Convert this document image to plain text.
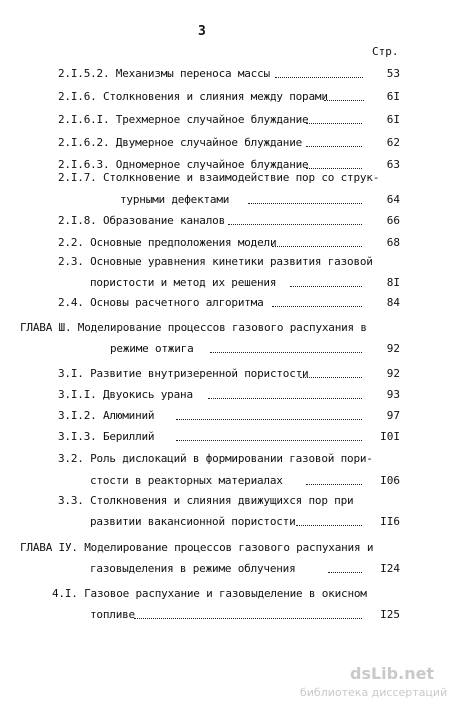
3
Стр.
2.I.5.2. Механизмы переноса массы	53
2.I.6. Столкновения и слияния между порами	6I
2.I.6.I. Трехмерное случайное блуждание	6I
2.I.6.2. Двумерное случайное блуждание	62
2.I.6.3. Одномерное случайное блуждание	63
2.I.7. Столкновение и взаимодействие пор со струк-
турными дефектами	64
2.I.8. Образование каналов	66
2.2. Основные предположения модели	68
2.3. Основные уравнения кинетики развития газовой
пористости и метод их решения	8I
2.4. Основы расчетного алгоритма	84
ГЛАВА Ш. Моделирование процессов газового распухания в
режиме отжига	92
3.I. Развитие внутризеренной пористости	92
3.I.I. Двуокись урана	93
3.I.2. Алюминий	97
3.I.3. Бериллий	I0I
3.2. Роль дислокаций в формировании газовой пори-
стости в реакторных материалах	I06
3.3. Столкновения и слияния движущихся пор при
развитии вакансионной пористости	II6
ГЛАВА IУ. Моделирование процессов газового распухания и
газовыделения в режиме облучения	I24
4.I. Газовое распухание и газовыделение в окисном
топливе	I25
dsLib.net
библиотека диссертаций
